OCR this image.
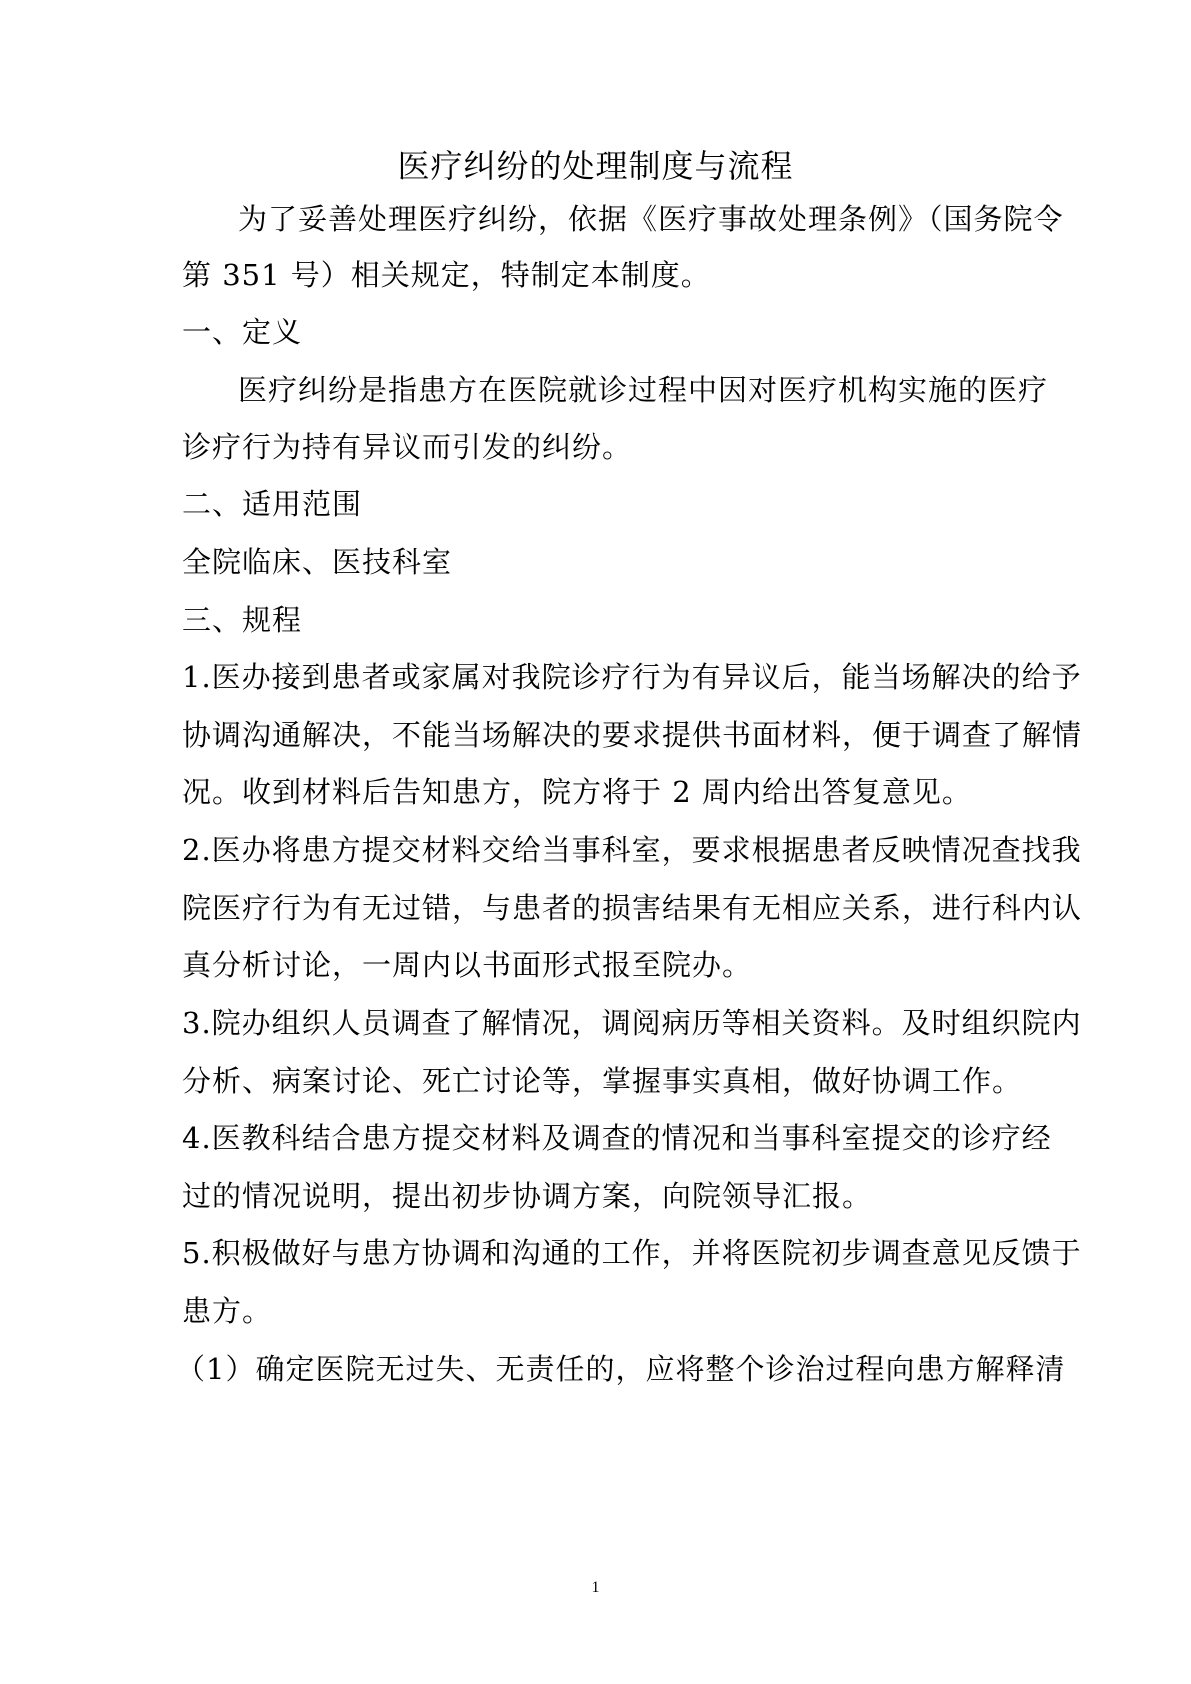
医疗纠纷的处理制度与流程
为了妥善处理医疗纠纷，依据《医疗事故处理条例》（国务院令
第 351 号）相关规定，特制定本制度。
一、定义
医疗纠纷是指患方在医院就诊过程中因对医疗机构实施的医疗
诊疗行为持有异议而引发的纠纷。
二、适用范围
全院临床、医技科室
三、规程
1.医办接到患者或家属对我院诊疗行为有异议后，能当场解决的给予
协调沟通解决，不能当场解决的要求提供书面材料，便于调查了解情
况。收到材料后告知患方，院方将于 2 周内给出答复意见。
2.医办将患方提交材料交给当事科室，要求根据患者反映情况查找我
院医疗行为有无过错，与患者的损害结果有无相应关系，进行科内认
真分析讨论，一周内以书面形式报至院办。
3.院办组织人员调查了解情况，调阅病历等相关资料。及时组织院内
分析、病案讨论、死亡讨论等，掌握事实真相，做好协调工作。
4.医教科结合患方提交材料及调查的情况和当事科室提交的诊疗经
过的情况说明，提出初步协调方案，向院领导汇报。
5.积极做好与患方协调和沟通的工作，并将医院初步调查意见反馈于
患方。
（1）确定医院无过失、无责任的，应将整个诊治过程向患方解释清
1
